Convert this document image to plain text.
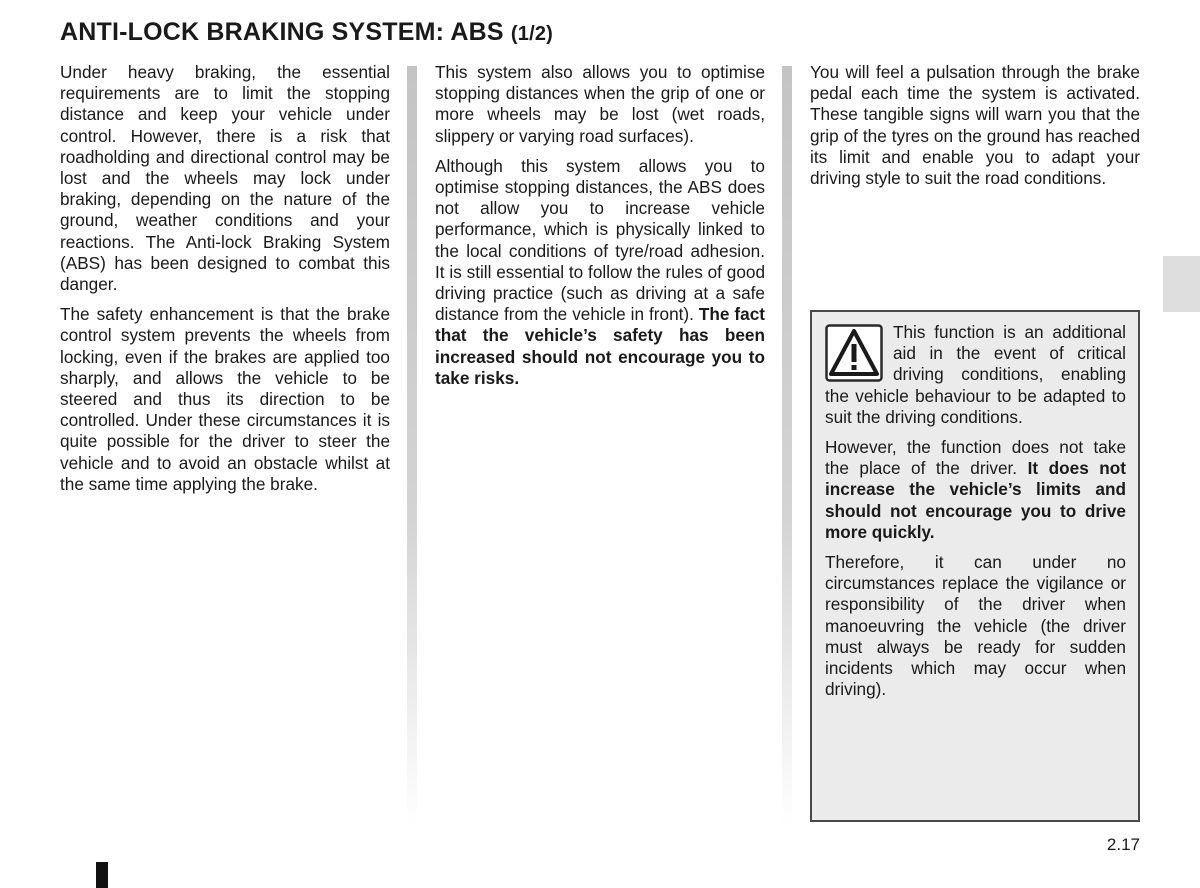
ANTI-LOCK BRAKING SYSTEM: ABS (1/2)

Under heavy braking, the essential requirements are to limit the stopping distance and keep your vehicle under control. However, there is a risk that roadholding and directional control may be lost and the wheels may lock under braking, depending on the nature of the ground, weather conditions and your reactions. The Anti-lock Braking System (ABS) has been designed to combat this danger.

The safety enhancement is that the brake control system prevents the wheels from locking, even if the brakes are applied too sharply, and allows the vehicle to be steered and thus its direction to be controlled. Under these circumstances it is quite possible for the driver to steer the vehicle and to avoid an obstacle whilst at the same time applying the brake.

This system also allows you to optimise stopping distances when the grip of one or more wheels may be lost (wet roads, slippery or varying road surfaces).

Although this system allows you to optimise stopping distances, the ABS does not allow you to increase vehicle performance, which is physically linked to the local conditions of tyre/road adhesion. It is still essential to follow the rules of good driving practice (such as driving at a safe distance from the vehicle in front). The fact that the vehicle’s safety has been increased should not encourage you to take risks.

You will feel a pulsation through the brake pedal each time the system is activated. These tangible signs will warn you that the grip of the tyres on the ground has reached its limit and enable you to adapt your driving style to suit the road conditions.

This function is an additional aid in the event of critical driving conditions, enabling the vehicle behaviour to be adapted to suit the driving conditions.

However, the function does not take the place of the driver. It does not increase the vehicle’s limits and should not encourage you to drive more quickly.

Therefore, it can under no circumstances replace the vigilance or responsibility of the driver when manoeuvring the vehicle (the driver must always be ready for sudden incidents which may occur when driving).

2.17
